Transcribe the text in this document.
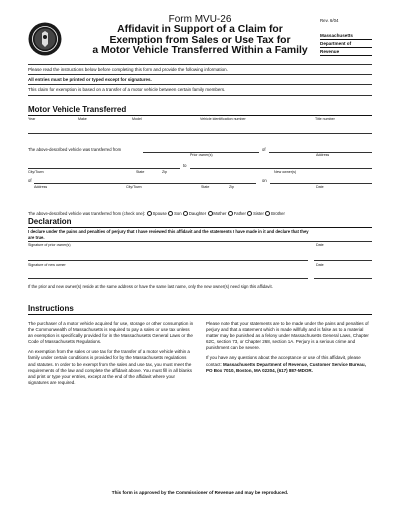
Form MVU-26
Affidavit in Support of a Claim for
Exemption from Sales or Use Tax for
a Motor Vehicle Transferred Within a Family
Rev. 6/04
Massachusetts
Department of
Revenue

Please read the instructions below before completing this form and provide the following information.

All entries must be printed or typed except for signatures.

This claim for exemption is based on a transfer of a motor vehicle between certain family members.

Motor Vehicle Transferred
Year	Make	Model	Vehicle identification number	Title number
The above-described vehicle was transferred from	of
Prior owner(s)	Address
to
City/Town	State	Zip	New owner(s)
of	on
Address	City/Town	State	Zip	Date
The above-described vehicle was transferred from (check one): Spouse Son Daughter Mother Father Sister Brother
Declaration
I declare under the pains and penalties of perjury that I have reviewed this affidavit and the statements I have made in it and declare that they
are true.
Signature of prior owner(s)	Date
Signature of new owner	Date
If the prior and new owner(s) reside at the same address or have the same last name, only the new owner(s) need sign this affidavit.
Instructions

The purchaser of a motor vehicle acquired for use, storage or other consumption in the Commonwealth of Massachusetts is required to pay a sales or use tax unless an exemption is specifically provided for in the Massachusetts General Laws or the Code of Massachusetts Regulations.

An exemption from the sales or use tax for the transfer of a motor vehicle within a family under certain conditions is provided for by the Massachusetts regulations and statutes. In order to be exempt from the sales and use tax, you must meet the requirements of the law and complete the affidavit above. You must fill in all blanks and print or type your entries, except at the end of the affidavit where your signatures are required.

Please note that your statements are to be made under the pains and penalties of perjury and that a statement which is made willfully and is false as to a material matter may be punished as a felony under Massachusetts General Laws, Chapter 62C, section 73, or Chapter 268, section 1A. Perjury is a serious crime and punishment can be severe.

If you have any questions about the acceptance or use of this affidavit, please contact: Massachusetts Department of Revenue, Customer Service Bureau, PO Box 7010, Boston, MA 02204, (617) 887-MDOR.

This form is approved by the Commissioner of Revenue and may be reproduced.
